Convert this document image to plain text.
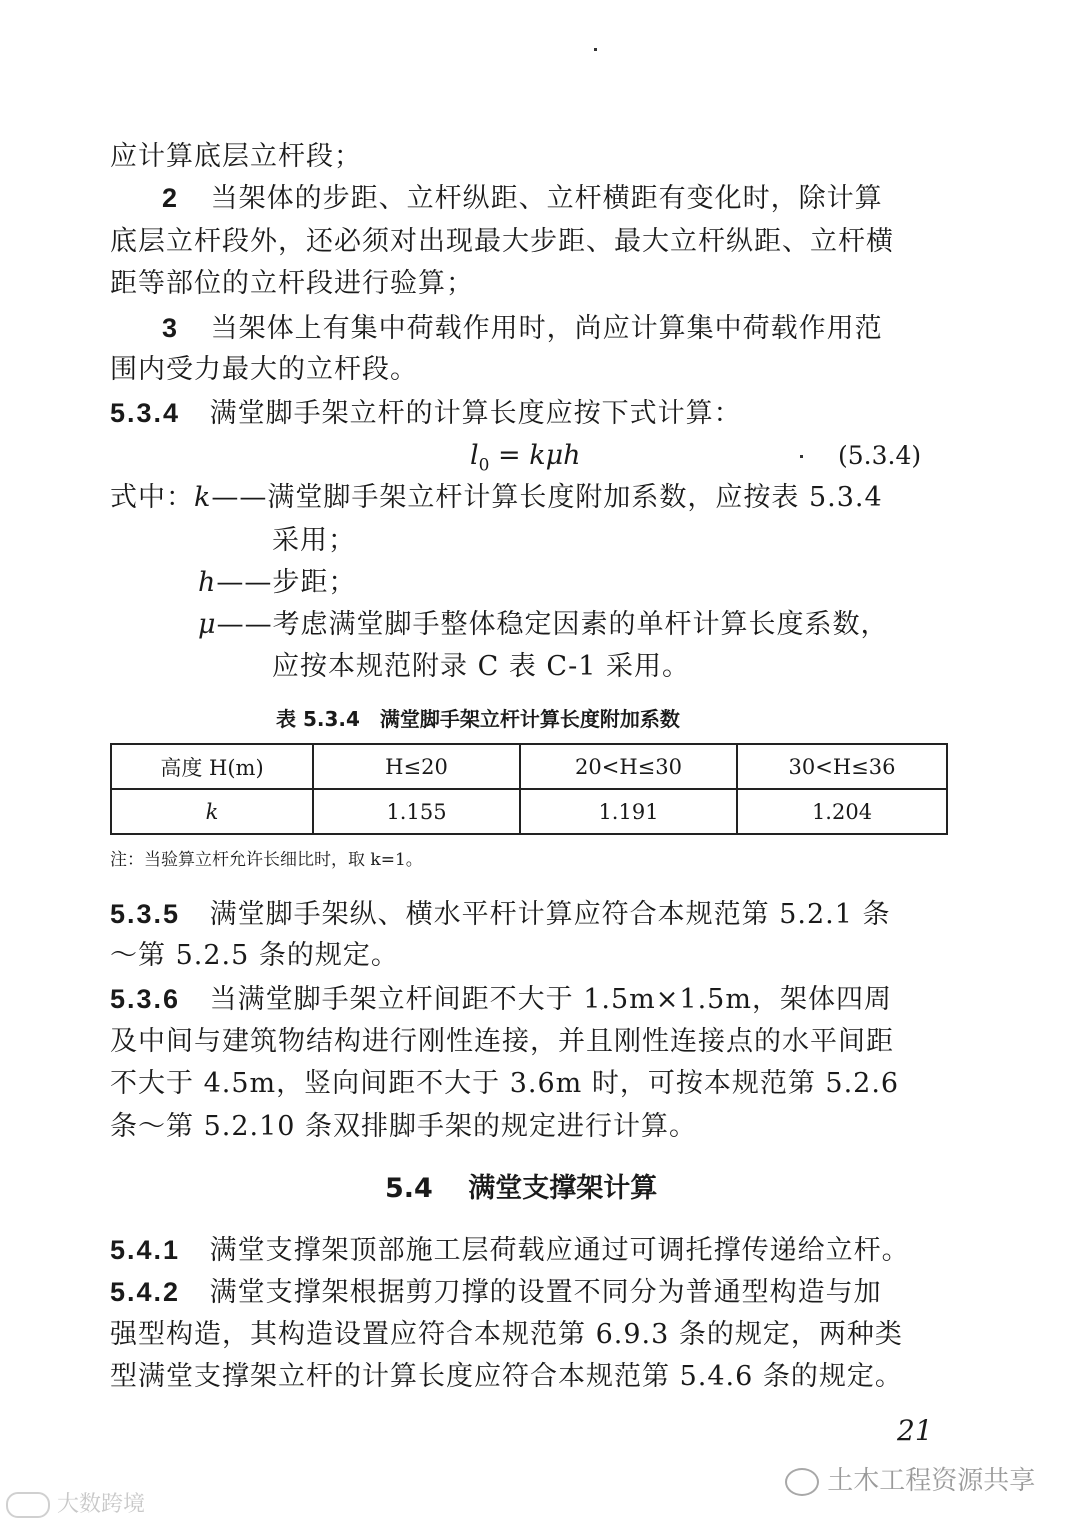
应计算底层立杆段；
2 当架体的步距、立杆纵距、立杆横距有变化时，除计算
底层立杆段外，还必须对出现最大步距、最大立杆纵距、立杆横
距等部位的立杆段进行验算；
3 当架体上有集中荷载作用时，尚应计算集中荷载作用范
围内受力最大的立杆段。
5.3.4 满堂脚手架立杆的计算长度应按下式计算：
$l_0 = k\mu h$	(5.3.4)
式中：k——满堂脚手架立杆计算长度附加系数，应按表 5.3.4
采用；
h——步距；
μ——考虑满堂脚手整体稳定因素的单杆计算长度系数，
应按本规范附录 C 表 C-1 采用。
表 5.3.4　满堂脚手架立杆计算长度附加系数
高度 H(m)	H≤20	20<H≤30	30<H≤36
k	1.155	1.191	1.204
注：当验算立杆允许长细比时，取 k=1。
5.3.5 满堂脚手架纵、横水平杆计算应符合本规范第 5.2.1 条
～第 5.2.5 条的规定。
5.3.6 当满堂脚手架立杆间距不大于 1.5m×1.5m，架体四周
及中间与建筑物结构进行刚性连接，并且刚性连接点的水平间距
不大于 4.5m，竖向间距不大于 3.6m 时，可按本规范第 5.2.6
条～第 5.2.10 条双排脚手架的规定进行计算。
5.4 满堂支撑架计算
5.4.1 满堂支撑架顶部施工层荷载应通过可调托撑传递给立杆。
5.4.2 满堂支撑架根据剪刀撑的设置不同分为普通型构造与加
强型构造，其构造设置应符合本规范第 6.9.3 条的规定，两种类
型满堂支撑架立杆的计算长度应符合本规范第 5.4.6 条的规定。
21
大数跨境
土木工程资源共享
